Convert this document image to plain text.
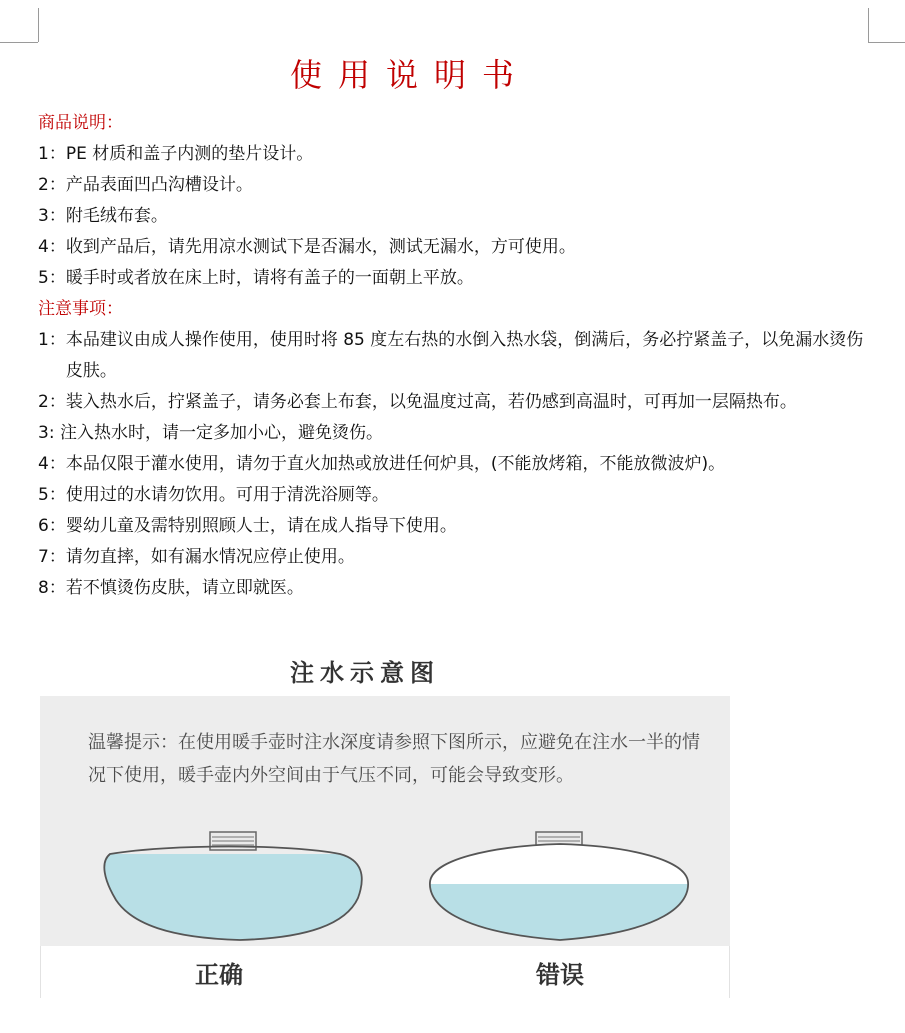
使用说明书

商品说明：

1： PE 材质和盖子内测的垫片设计。
2： 产品表面凹凸沟槽设计。
3： 附毛绒布套。
4： 收到产品后，请先用凉水测试下是否漏水，测试无漏水，方可使用。
5： 暖手时或者放在床上时，请将有盖子的一面朝上平放。

注意事项：

1： 本品建议由成人操作使用，使用时将 85 度左右热的水倒入热水袋，倒满后，务必拧紧盖子，以免漏水烫伤皮肤。
2： 装入热水后，拧紧盖子，请务必套上布套，以免温度过高，若仍感到高温时，可再加一层隔热布。
3: 注入热水时，请一定多加小心，避免烫伤。
4： 本品仅限于灌水使用，请勿于直火加热或放进任何炉具，(不能放烤箱，不能放微波炉)。
5： 使用过的水请勿饮用。可用于清洗浴厕等。
6： 婴幼儿童及需特别照顾人士，请在成人指导下使用。
7： 请勿直摔，如有漏水情况应停止使用。
8： 若不慎烫伤皮肤，请立即就医。
注水示意图

温馨提示：在使用暖手壶时注水深度请参照下图所示，应避免在注水一半的情况下使用，暖手壶内外空间由于气压不同，可能会导致变形。

正确	错误
